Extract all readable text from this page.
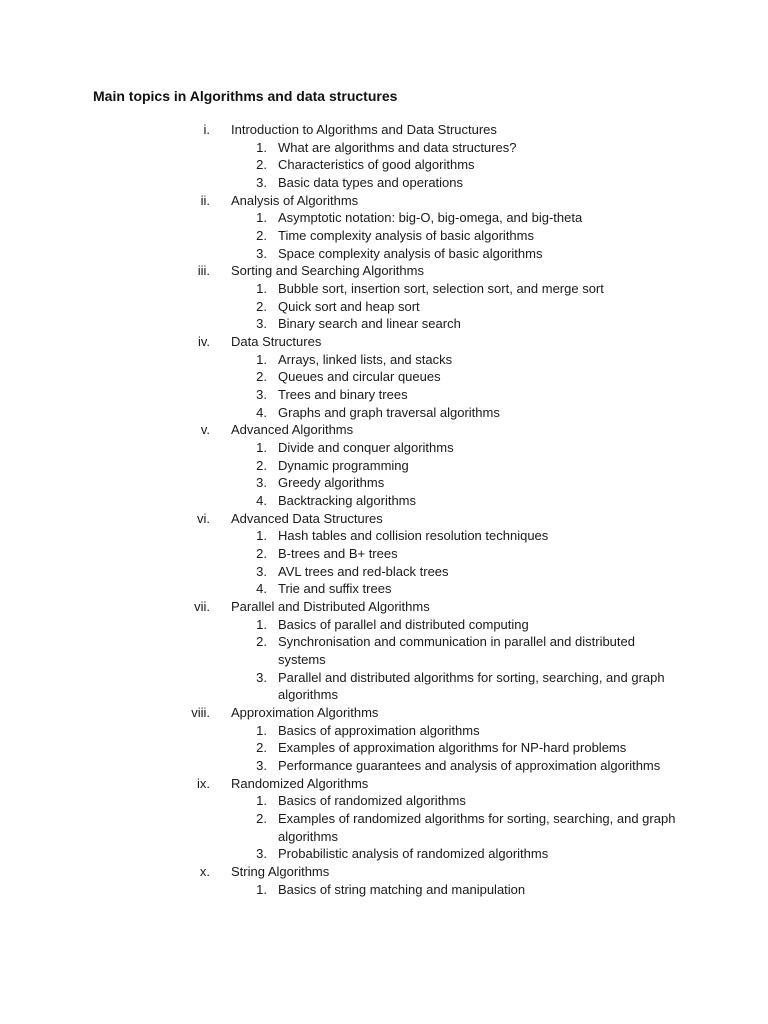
Main topics in Algorithms and data structures
i. Introduction to Algorithms and Data Structures
1. What are algorithms and data structures?
2. Characteristics of good algorithms
3. Basic data types and operations
ii. Analysis of Algorithms
1. Asymptotic notation: big-O, big-omega, and big-theta
2. Time complexity analysis of basic algorithms
3. Space complexity analysis of basic algorithms
iii. Sorting and Searching Algorithms
1. Bubble sort, insertion sort, selection sort, and merge sort
2. Quick sort and heap sort
3. Binary search and linear search
iv. Data Structures
1. Arrays, linked lists, and stacks
2. Queues and circular queues
3. Trees and binary trees
4. Graphs and graph traversal algorithms
v. Advanced Algorithms
1. Divide and conquer algorithms
2. Dynamic programming
3. Greedy algorithms
4. Backtracking algorithms
vi. Advanced Data Structures
1. Hash tables and collision resolution techniques
2. B-trees and B+ trees
3. AVL trees and red-black trees
4. Trie and suffix trees
vii. Parallel and Distributed Algorithms
1. Basics of parallel and distributed computing
2. Synchronisation and communication in parallel and distributed systems
3. Parallel and distributed algorithms for sorting, searching, and graph algorithms
viii. Approximation Algorithms
1. Basics of approximation algorithms
2. Examples of approximation algorithms for NP-hard problems
3. Performance guarantees and analysis of approximation algorithms
ix. Randomized Algorithms
1. Basics of randomized algorithms
2. Examples of randomized algorithms for sorting, searching, and graph algorithms
3. Probabilistic analysis of randomized algorithms
x. String Algorithms
1. Basics of string matching and manipulation
